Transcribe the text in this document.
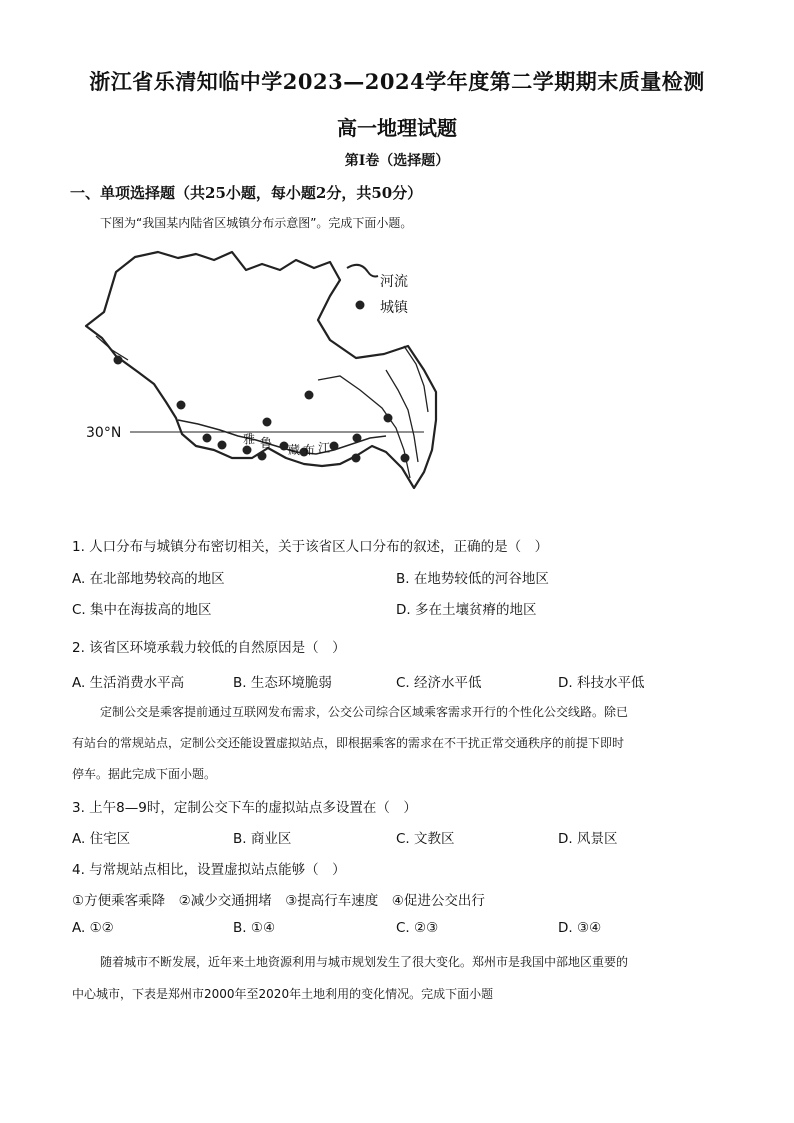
浙江省乐清知临中学2023—2024学年度第二学期期末质量检测
高一地理试题
第Ⅰ卷（选择题）
一、单项选择题（共25小题，每小题2分，共50分）
下图为“我国某内陆省区城镇分布示意图”。完成下面小题。
30°N	雅 鲁 藏 布 江
河流
城镇
1. 人口分布与城镇分布密切相关，关于该省区人口分布的叙述，正确的是（　）
A. 在北部地势较高的地区	B. 在地势较低的河谷地区
C. 集中在海拔高的地区	D. 多在土壤贫瘠的地区
2. 该省区环境承载力较低的自然原因是（　）
A. 生活消费水平高	B. 生态环境脆弱	C. 经济水平低	D. 科技水平低
定制公交是乘客提前通过互联网发布需求，公交公司综合区域乘客需求开行的个性化公交线路。除已
有站台的常规站点，定制公交还能设置虚拟站点，即根据乘客的需求在不干扰正常交通秩序的前提下即时
停车。据此完成下面小题。
3. 上午8—9时，定制公交下车的虚拟站点多设置在（　）
A. 住宅区	B. 商业区	C. 文教区	D. 风景区
4. 与常规站点相比，设置虚拟站点能够（　）
①方便乘客乘降　②减少交通拥堵　③提高行车速度　④促进公交出行
A. ①②	B. ①④	C. ②③	D. ③④
随着城市不断发展，近年来土地资源利用与城市规划发生了很大变化。郑州市是我国中部地区重要的
中心城市，下表是郑州市2000年至2020年土地利用的变化情况。完成下面小题
